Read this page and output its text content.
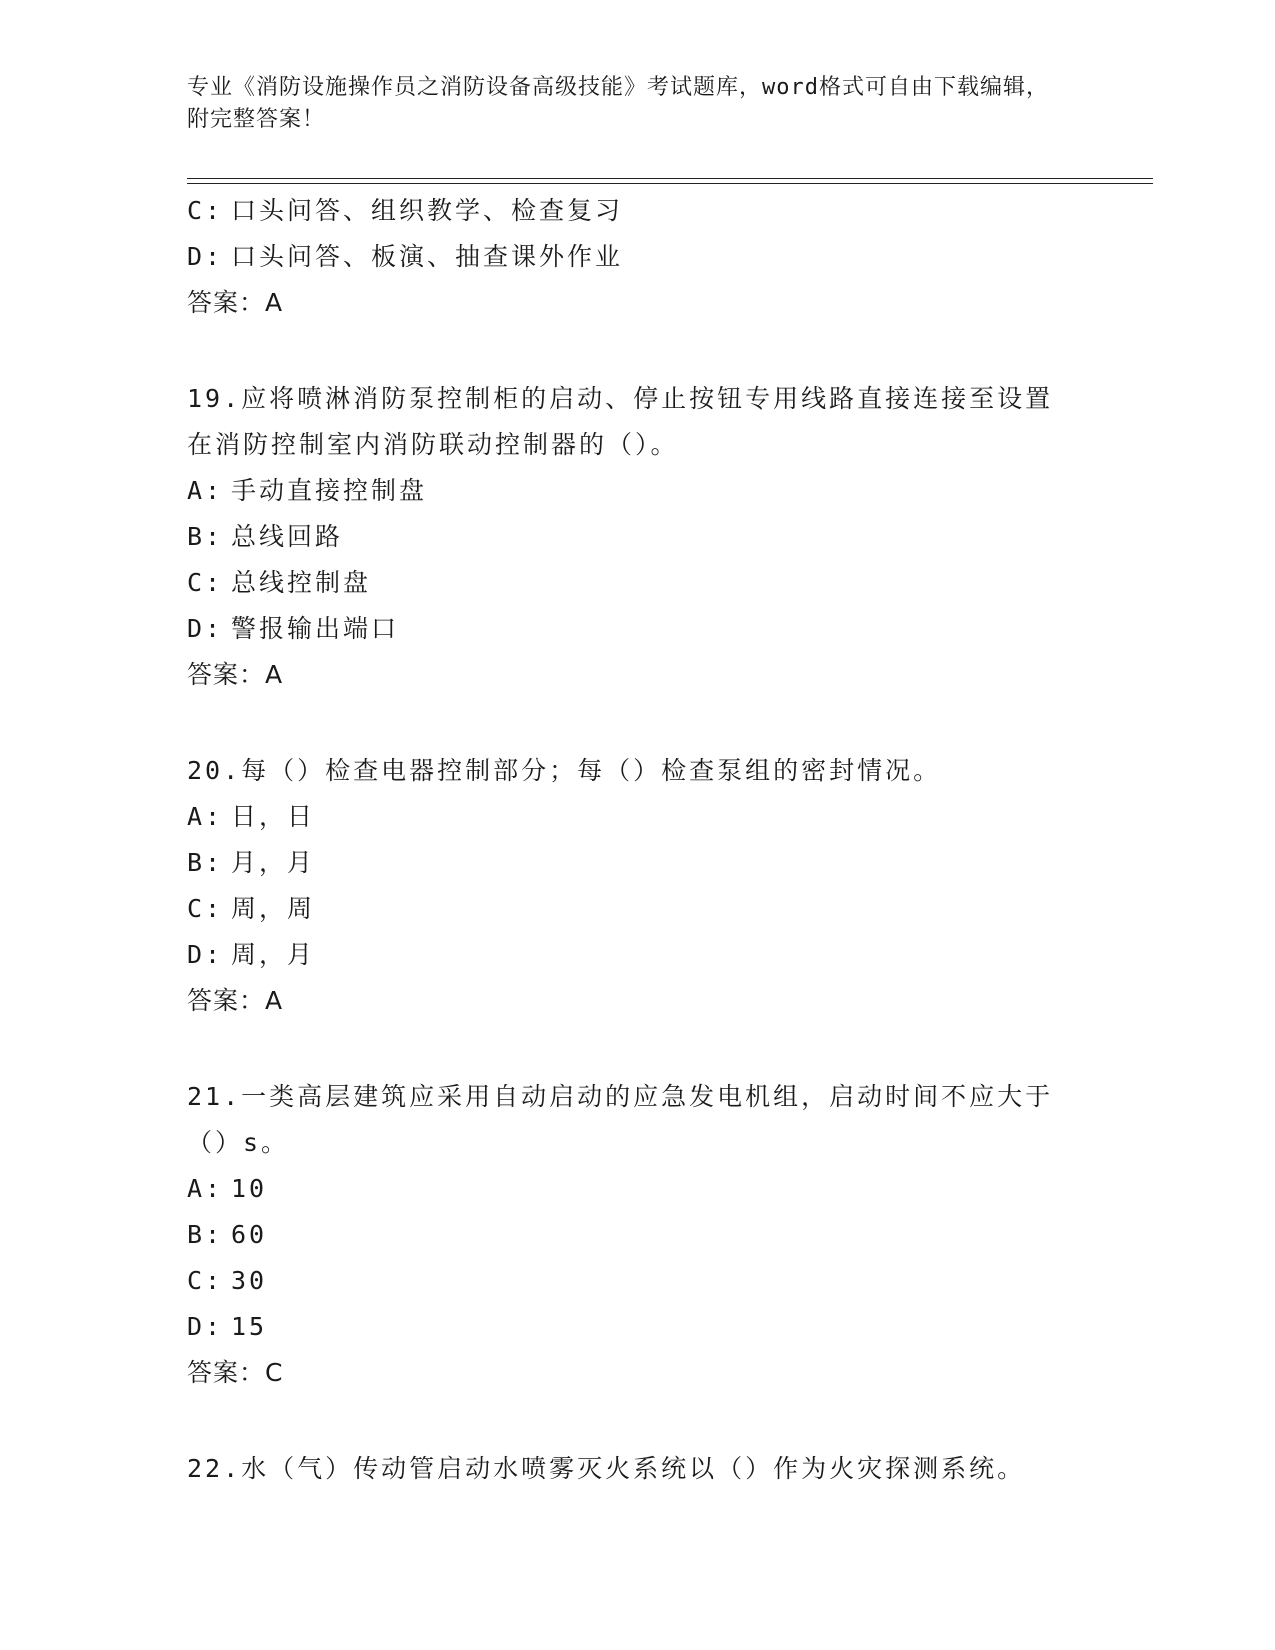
专业《消防设施操作员之消防设备高级技能》考试题库，word格式可自由下载编辑，附完整答案！
C: 口头问答、组织教学、检查复习
D: 口头问答、板演、抽查课外作业
答案：A
19.应将喷淋消防泵控制柜的启动、停止按钮专用线路直接连接至设置在消防控制室内消防联动控制器的（）。
A: 手动直接控制盘
B: 总线回路
C: 总线控制盘
D: 警报输出端口
答案：A
20.每（）检查电器控制部分；每（）检查泵组的密封情况。
A: 日，日
B: 月，月
C: 周，周
D: 周，月
答案：A
21.一类高层建筑应采用自动启动的应急发电机组，启动时间不应大于（）s。
A: 10
B: 60
C: 30
D: 15
答案：C
22.水（气）传动管启动水喷雾灭火系统以（）作为火灾探测系统。
